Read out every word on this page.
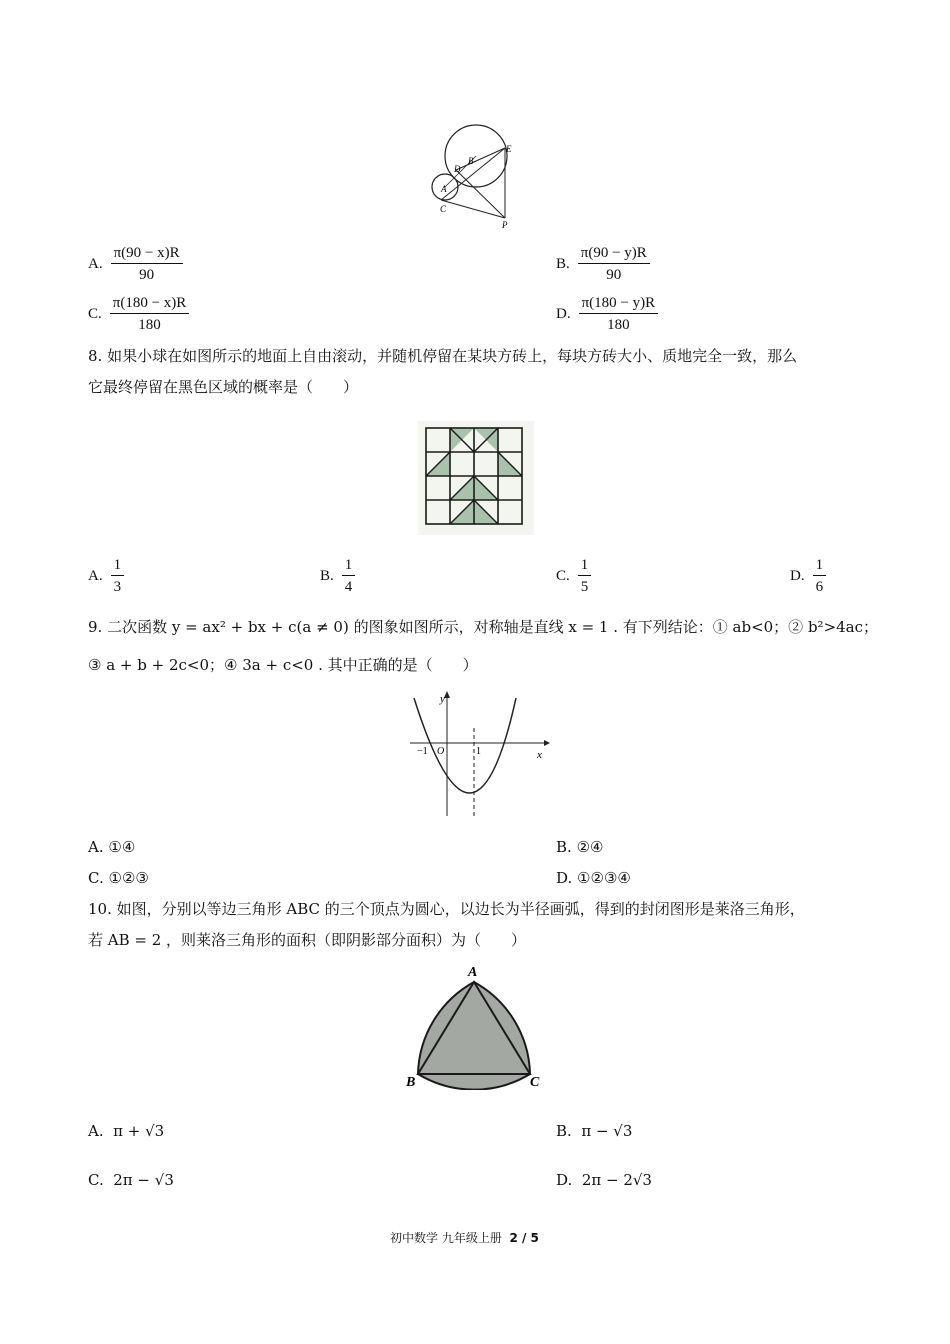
B
E
D
A
C
P
A. $\frac{\pi(90 - x)R}{90}$	B. $\frac{\pi(90 - y)R}{90}$
C. $\frac{\pi(180 - x)R}{180}$	D. $\frac{\pi(180 - y)R}{180}$
8. 如果小球在如图所示的地面上自由滚动，并随机停留在某块方砖上，每块方砖大小、质地完全一致，那么
它最终停留在黑色区域的概率是（　　）
A. $\frac{1}{3}$	B. $\frac{1}{4}$	C. $\frac{1}{5}$	D. $\frac{1}{6}$
9. 二次函数 y = ax² + bx + c(a ≠ 0) 的图象如图所示，对称轴是直线 x = 1 . 有下列结论：① ab<0；② b²>4ac；
③ a + b + 2c<0；④ 3a + c<0 . 其中正确的是（　　）
y
x
O
−1	1
A. ①④	B. ②④
C. ①②③	D. ①②③④
10. 如图，分别以等边三角形 ABC 的三个顶点为圆心，以边长为半径画弧，得到的封闭图形是莱洛三角形，
若 AB = 2 ，则莱洛三角形的面积（即阴影部分面积）为（　　）
A
B	C
A. π + √3	B. π − √3
C. 2π − √3	D. 2π − 2√3
初中数学 九年级上册 2 / 5
